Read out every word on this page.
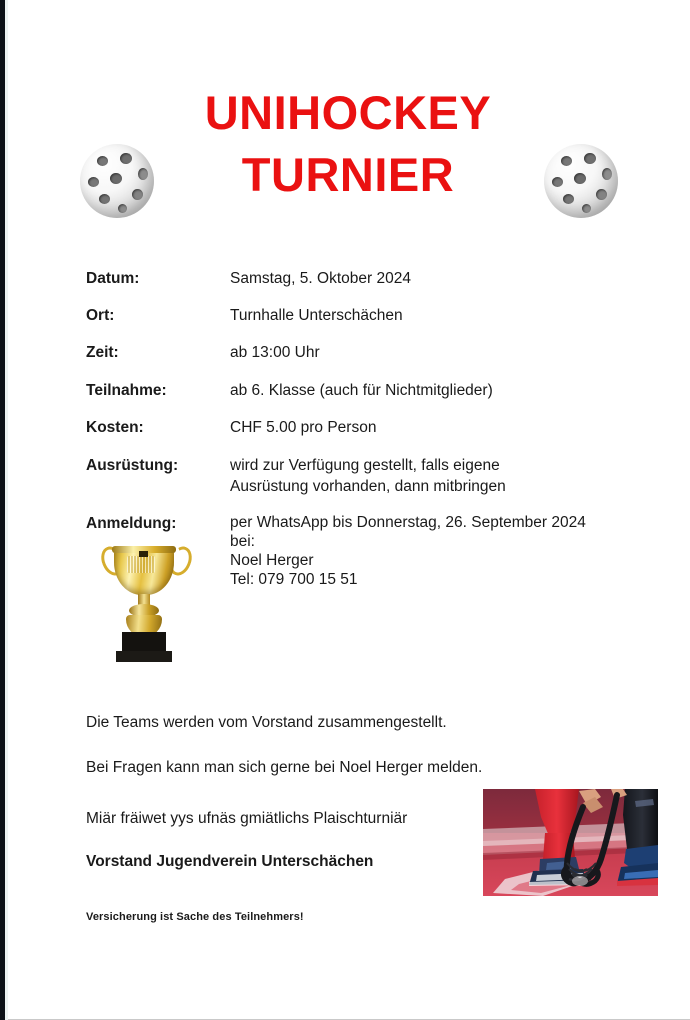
UNIHOCKEY
TURNIER
Datum:	Samstag, 5. Oktober 2024
Ort:	Turnhalle Unterschächen
Zeit:	ab 13:00 Uhr
Teilnahme:	ab 6. Klasse (auch für Nichtmitglieder)
Kosten:	CHF 5.00 pro Person
Ausrüstung:	wird zur Verfügung gestellt, falls eigene
Ausrüstung vorhanden, dann mitbringen
Anmeldung:	per WhatsApp bis Donnerstag, 26. September 2024
bei:
Noel Herger
Tel: 079 700 15 51

Die Teams werden vom Vorstand zusammengestellt.

Bei Fragen kann man sich gerne bei Noel Herger melden.

Miär fräiwet yys ufnäs gmiätlichs Plaischturniär

Vorstand Jugendverein Unterschächen

Versicherung ist Sache des Teilnehmers!
